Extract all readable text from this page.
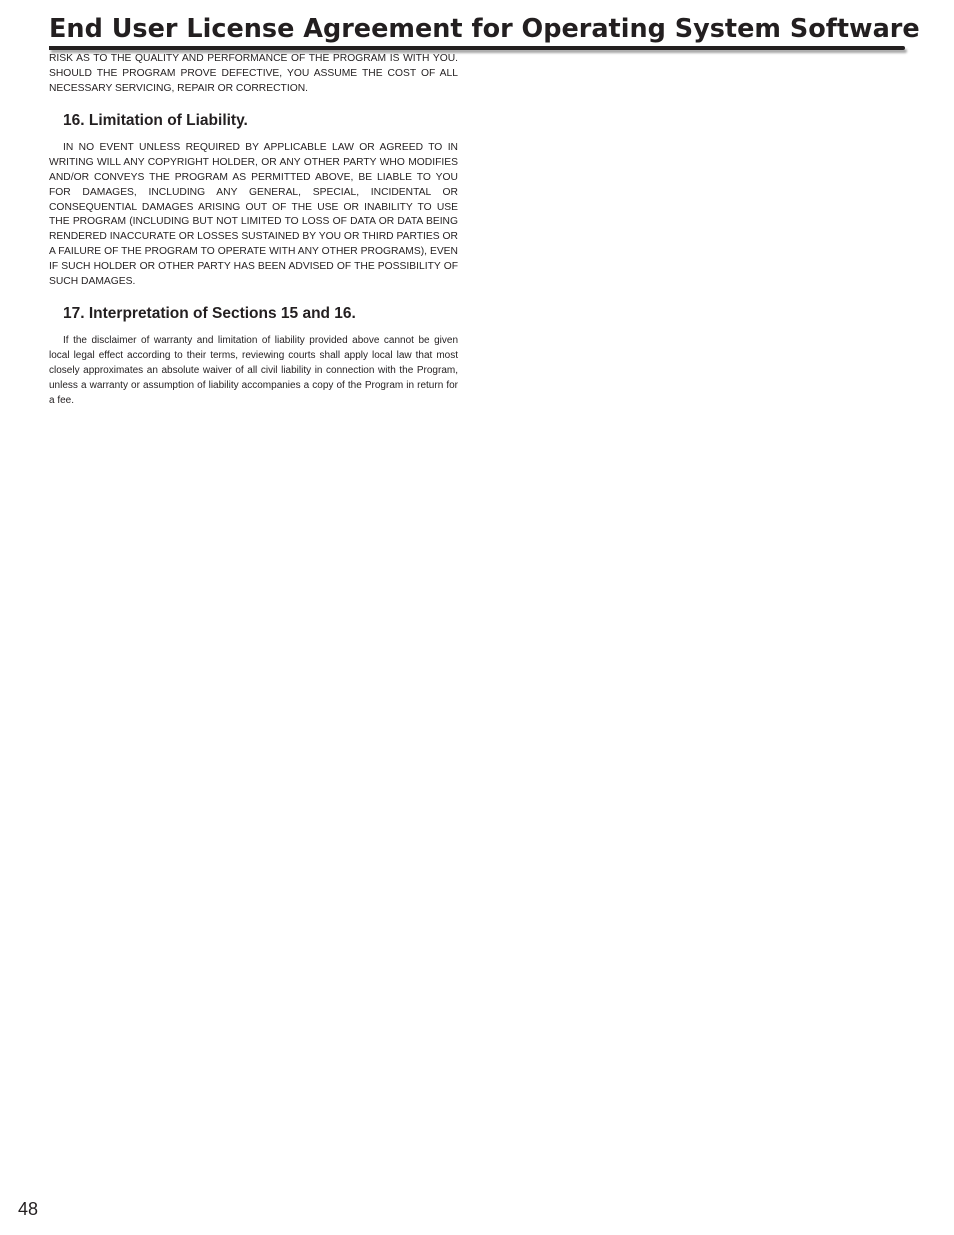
End User License Agreement for Operating System Software

RISK AS TO THE QUALITY AND PERFORMANCE OF THE PROGRAM IS WITH YOU. SHOULD THE PROGRAM PROVE DEFECTIVE, YOU ASSUME THE COST OF ALL NECESSARY SERVICING, REPAIR OR CORRECTION.

16. Limitation of Liability.

IN NO EVENT UNLESS REQUIRED BY APPLICABLE LAW OR AGREED TO IN WRITING WILL ANY COPYRIGHT HOLDER, OR ANY OTHER PARTY WHO MODIFIES AND/OR CONVEYS THE PROGRAM AS PERMITTED ABOVE, BE LIABLE TO YOU FOR DAMAGES, INCLUDING ANY GENERAL, SPECIAL, INCIDENTAL OR CONSEQUENTIAL DAMAGES ARISING OUT OF THE USE OR INABILITY TO USE THE PROGRAM (INCLUDING BUT NOT LIMITED TO LOSS OF DATA OR DATA BEING RENDERED INACCURATE OR LOSSES SUSTAINED BY YOU OR THIRD PARTIES OR A FAILURE OF THE PROGRAM TO OPERATE WITH ANY OTHER PROGRAMS), EVEN IF SUCH HOLDER OR OTHER PARTY HAS BEEN ADVISED OF THE POSSIBILITY OF SUCH DAMAGES.

17. Interpretation of Sections 15 and 16.

If the disclaimer of warranty and limitation of liability provided above cannot be given local legal effect according to their terms, reviewing courts shall apply local law that most closely approximates an absolute waiver of all civil liability in connection with the Program, unless a warranty or assumption of liability accompanies a copy of the Program in return for a fee.

48
